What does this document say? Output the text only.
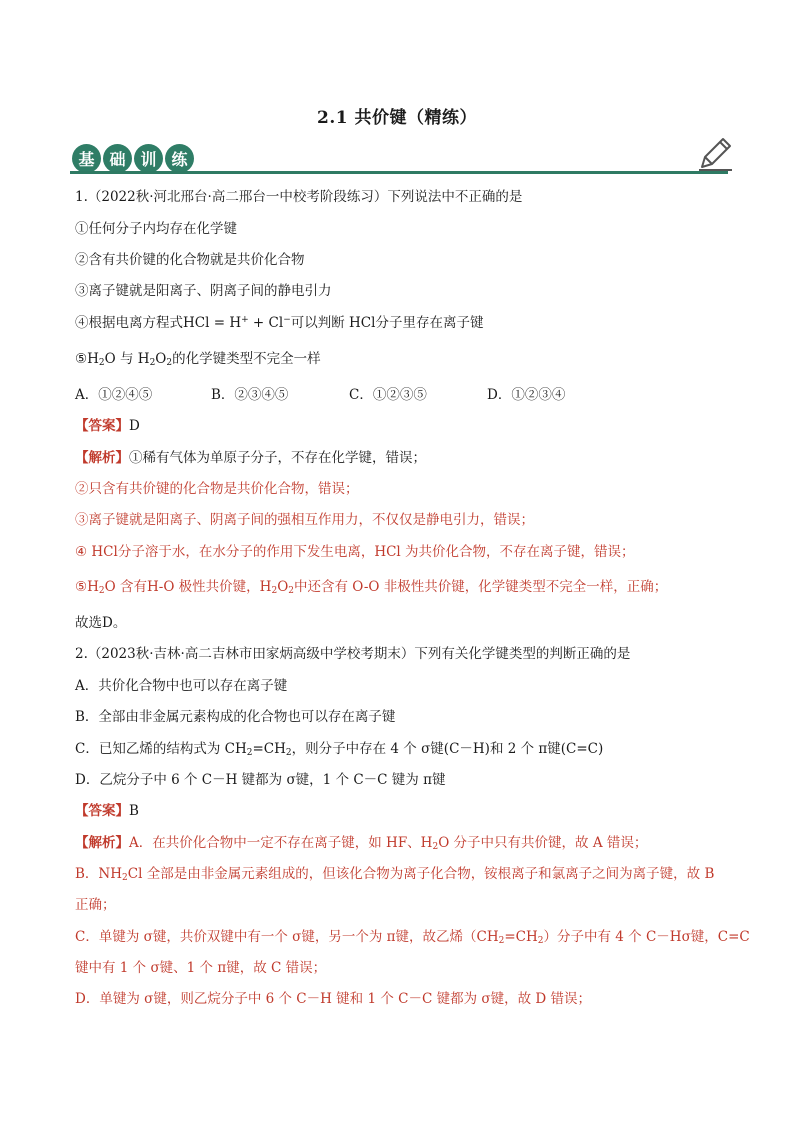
2.1 共价键（精练）
基 础 训 练
1.（2022秋·河北邢台·高二邢台一中校考阶段练习）下列说法中不正确的是
①任何分子内均存在化学键
②含有共价键的化合物就是共价化合物
③离子键就是阳离子、阴离子间的静电引力
④根据电离方程式HCl = H+ + Cl−可以判断 HCl分子里存在离子键
$⑤H_2O$ 与 $H_2O_2$的化学键类型不完全一样
A．①②④⑤	B．②③④⑤	C．①②③⑤	D．①②③④
【答案】D
【解析】①稀有气体为单原子分子，不存在化学键，错误；
②只含有共价键的化合物是共价化合物，错误；
③离子键就是阳离子、阴离子间的强相互作用力，不仅仅是静电引力，错误；
④ HCl分子溶于水，在水分子的作用下发生电离，HCl 为共价化合物，不存在离子键，错误；
$⑤H_2O$ 含有H-O 极性共价键，$H_2O_2$中还含有 O-O 非极性共价键，化学键类型不完全一样，正确；
故选D。
2.（2023秋·吉林·高二吉林市田家炳高级中学校考期末）下列有关化学键类型的判断正确的是
A．共价化合物中也可以存在离子键
B．全部由非金属元素构成的化合物也可以存在离子键
C．已知乙烯的结构式为 $CH_2=CH_2$，则分子中存在 4 个 σ键(C－H)和 2 个 π键(C=C)
D．乙烷分子中 6 个 C－H 键都为 σ键，1 个 C－C 键为 π键
【答案】B
【解析】A．在共价化合物中一定不存在离子键，如 HF、$H_2O$ 分子中只有共价键，故 A 错误；
B．$NH_2Cl$ 全部是由非金属元素组成的，但该化合物为离子化合物，铵根离子和氯离子之间为离子键，故 B
正确；
C．单键为 σ键，共价双键中有一个 σ键，另一个为 π键，故乙烯$(CH_2=CH_2)$分子中有 4 个 C－Hσ键，C=C
键中有 1 个 σ键、1 个 π键，故 C 错误；
D．单键为 σ键，则乙烷分子中 6 个 C－H 键和 1 个 C－C 键都为 σ键，故 D 错误；
